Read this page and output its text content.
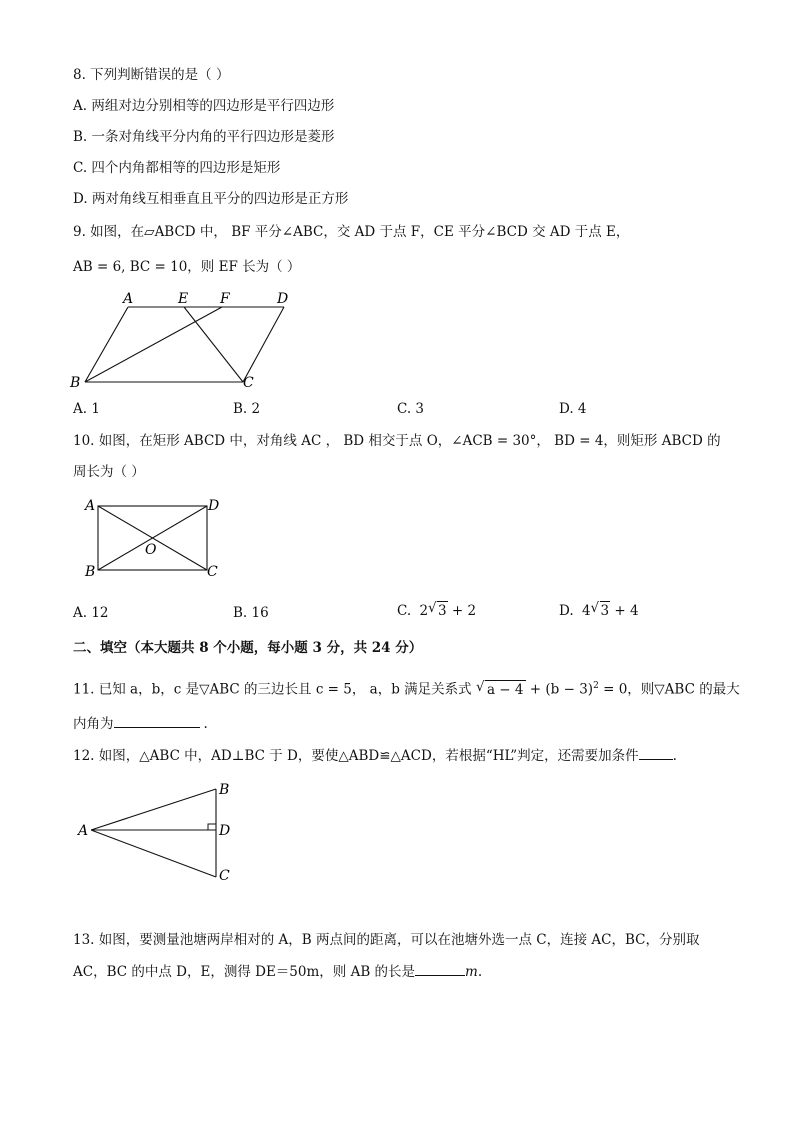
8. 下列判断错误的是（ ）
A. 两组对边分别相等的四边形是平行四边形
B. 一条对角线平分内角的平行四边形是菱形
C. 四个内角都相等的四边形是矩形
D. 两对角线互相垂直且平分的四边形是正方形
9. 如图，在▱ABCD 中， BF 平分∠ABC，交 AD 于点 F，CE 平分∠BCD 交 AD 于点 E，
AB = 6, BC = 10，则 EF 长为（ ）
A	E F	D
B	C
A. 1	B. 2	C. 3	D. 4
10. 如图，在矩形 ABCD 中，对角线 AC ， BD 相交于点 O，∠ACB = 30°， BD = 4，则矩形 ABCD 的
周长为（ ）
A	D
O
B	C
A. 12	B. 16	C. 2 √ 3 + 2	D. 4 √ 3 + 4
二、填空（本大题共 8 个小题，每小题 3 分，共 24 分）
11. 已知 a，b，c 是▽ABC 的三边长且 c = 5， a，b 满足关系式 √ $a - 4 + (b - 3)^2 = 0$，则▽ABC 的最大
内角为	.
12. 如图，△ABC 中，AD⊥BC 于 D，要使△ABD≌△ACD，若根据“HL”判定，还需要加条件	.
A
B
D
C
13. 如图，要测量池塘两岸相对的 A，B 两点间的距离，可以在池塘外选一点 C，连接 AC，BC，分别取
AC，BC 的中点 D，E，测得 DE＝50m，则 AB 的长是	m.
